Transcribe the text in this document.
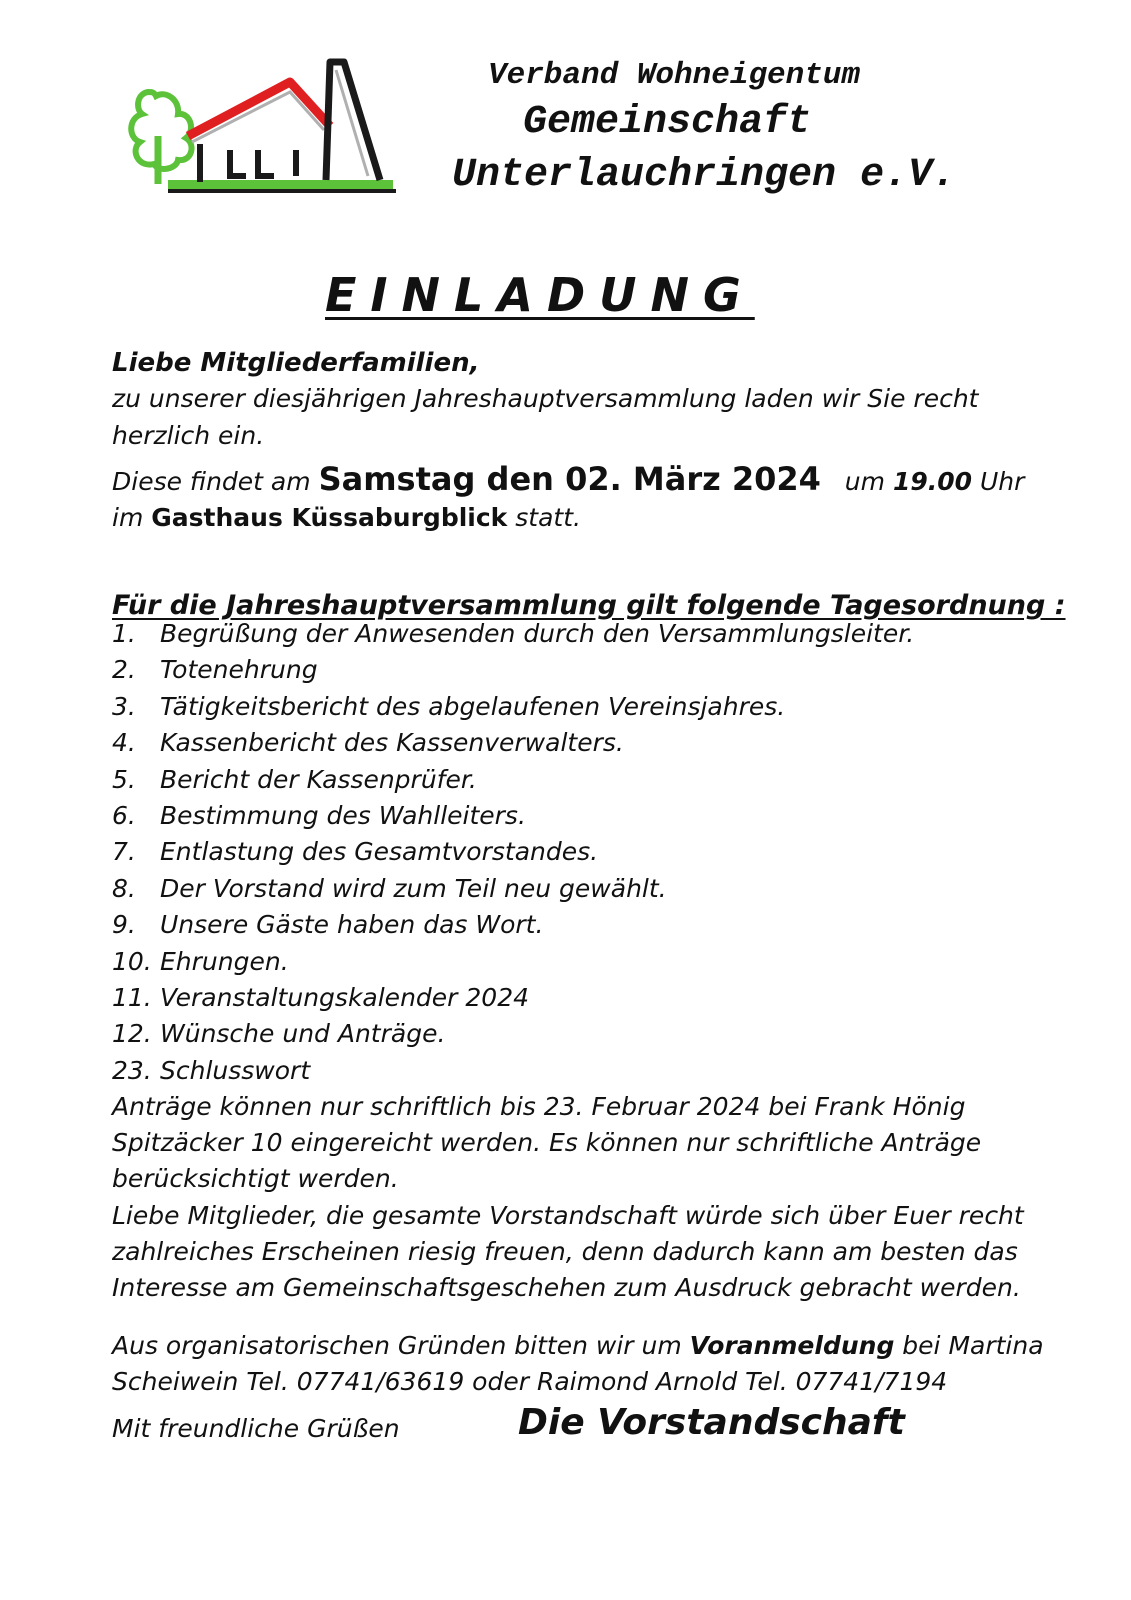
Verband Wohneigentum
Gemeinschaft
Unterlauchringen e.V.
EINLADUNG
Liebe Mitgliederfamilien,
zu unserer diesjährigen Jahreshauptversammlung laden wir Sie recht
herzlich ein.
Diese findet am Samstag den 02. März 2024 um 19.00 Uhr
im Gasthaus Küssaburgblick statt.
Für die Jahreshauptversammlung gilt folgende Tagesordnung :
1. Begrüßung der Anwesenden durch den Versammlungsleiter.
2. Totenehrung
3. Tätigkeitsbericht des abgelaufenen Vereinsjahres.
4. Kassenbericht des Kassenverwalters.
5. Bericht der Kassenprüfer.
6. Bestimmung des Wahlleiters.
7. Entlastung des Gesamtvorstandes.
8. Der Vorstand wird zum Teil neu gewählt.
9. Unsere Gäste haben das Wort.
10. Ehrungen.
11. Veranstaltungskalender 2024
12. Wünsche und Anträge.
23. Schlusswort
Anträge können nur schriftlich bis 23. Februar 2024 bei Frank Hönig
Spitzäcker 10 eingereicht werden. Es können nur schriftliche Anträge
berücksichtigt werden.
Liebe Mitglieder, die gesamte Vorstandschaft würde sich über Euer recht
zahlreiches Erscheinen riesig freuen, denn dadurch kann am besten das
Interesse am Gemeinschaftsgeschehen zum Ausdruck gebracht werden.
Aus organisatorischen Gründen bitten wir um Voranmeldung bei Martina
Scheiwein Tel. 07741/63619 oder Raimond Arnold Tel. 07741/7194
Mit freundliche Grüßen	Die Vorstandschaft
